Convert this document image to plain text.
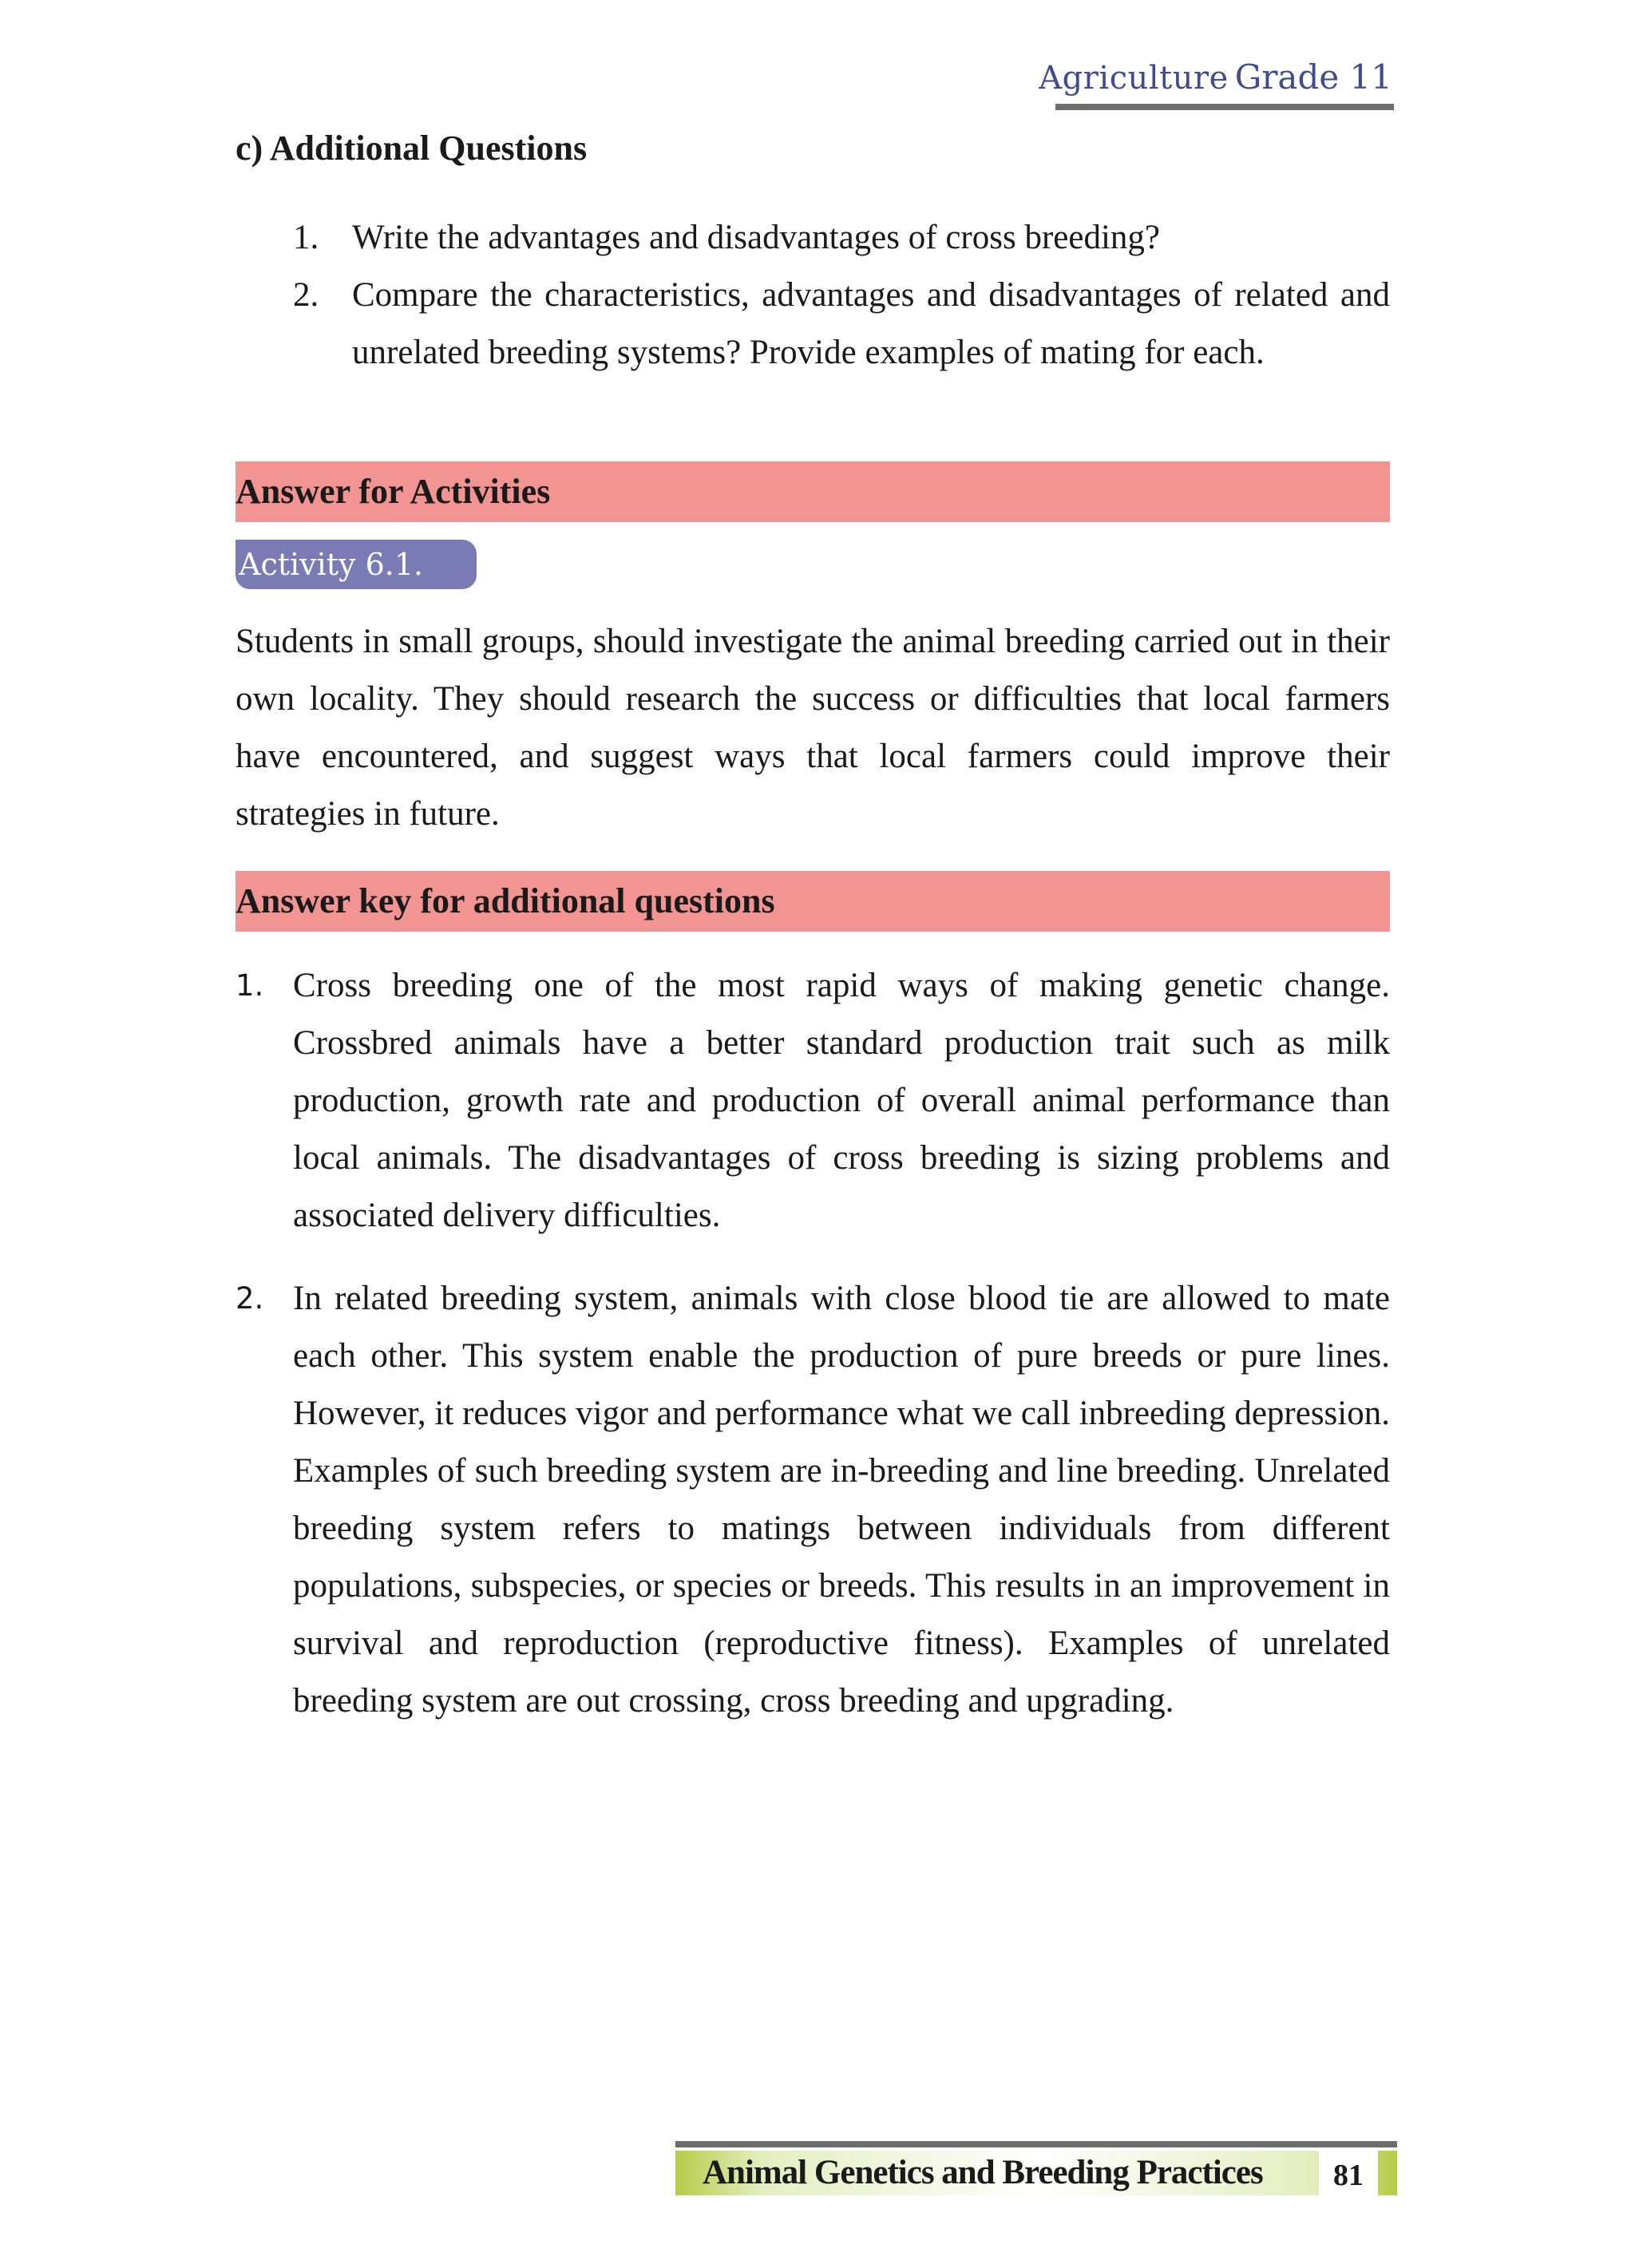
Agriculture Grade 11
c) Additional Questions
1. Write the advantages and disadvantages of cross breeding?
2. Compare the characteristics, advantages and disadvantages of related and unrelated breeding systems? Provide examples of mating for each.
Answer for Activities
Activity 6.1.

Students in small groups, should investigate the animal breeding carried out in their own locality. They should research the success or difficulties that local farmers have encountered, and suggest ways that local farmers could improve their strategies in future.

Answer key for additional questions
1. Cross breeding one of the most rapid ways of making genetic change. Crossbred animals have a better standard production trait such as milk production, growth rate and production of overall animal performance than local animals. The disadvantages of cross breeding is sizing problems and associated delivery difficulties.
2. In related breeding system, animals with close blood tie are allowed to mate each other. This system enable the production of pure breeds or pure lines. However, it reduces vigor and performance what we call inbreeding depression. Examples of such breeding system are in-breeding and line breeding. Unrelated breeding system refers to matings between individuals from different populations, subspecies, or species or breeds. This results in an improvement in survival and reproduction (reproductive fitness). Examples of unrelated breeding system are out crossing, cross breeding and upgrading.
Animal Genetics and Breeding Practices	81
